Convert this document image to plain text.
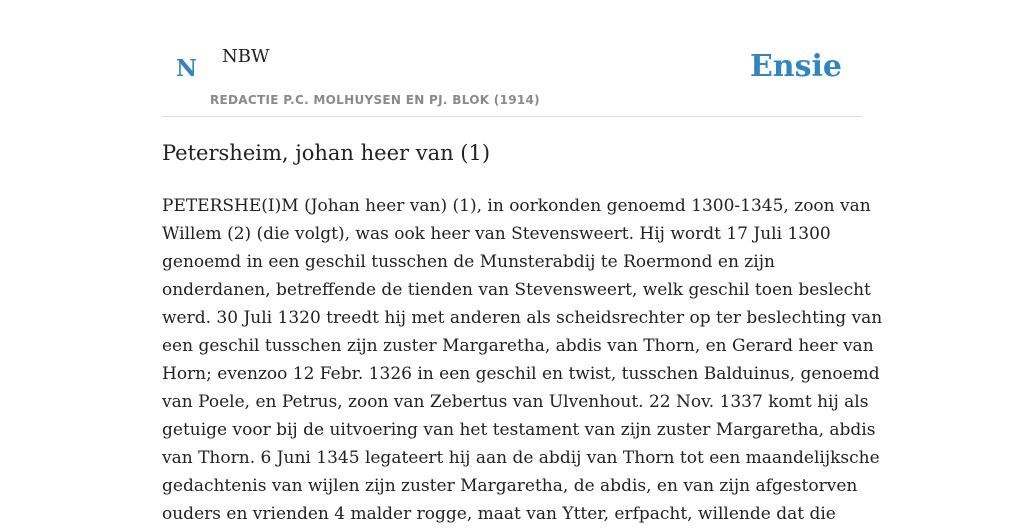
N NBW
REDACTIE P.C. MOLHUYSEN EN PJ. BLOK (1914)
Ensie
Petersheim, johan heer van (1)

PETERSHE(I)M (Johan heer van) (1), in oorkonden genoemd 1300-1345, zoon van
Willem (2) (die volgt), was ook heer van Stevensweert. Hij wordt 17 Juli 1300
genoemd in een geschil tusschen de Munsterabdij te Roermond en zijn
onderdanen, betreffende de tienden van Stevensweert, welk geschil toen beslecht
werd. 30 Juli 1320 treedt hij met anderen als scheidsrechter op ter beslechting van
een geschil tusschen zijn zuster Margaretha, abdis van Thorn, en Gerard heer van
Horn; evenzoo 12 Febr. 1326 in een geschil en twist, tusschen Balduinus, genoemd
van Poele, en Petrus, zoon van Zebertus van Ulvenhout. 22 Nov. 1337 komt hij als
getuige voor bij de uitvoering van het testament van zijn zuster Margaretha, abdis
van Thorn. 6 Juni 1345 legateert hij aan de abdij van Thorn tot een maandelijksche
gedachtenis van wijlen zijn zuster Margaretha, de abdis, en van zijn afgestorven
ouders en vrienden 4 malder rogge, maat van Ytter, erfpacht, willende dat die
